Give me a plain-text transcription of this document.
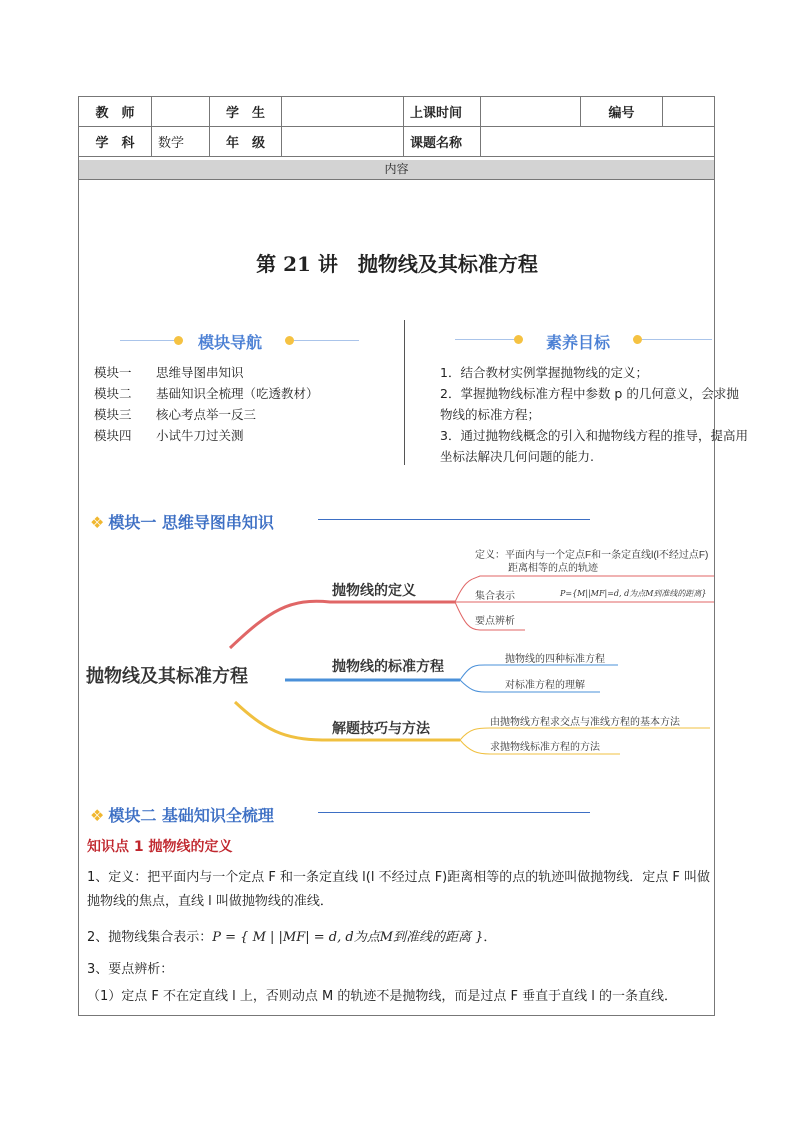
教　师		学　生		上课时间		编号	
学　科	数学	年　级		课题名称			
内容
第 21 讲　抛物线及其标准方程
模块导航	素养目标
模块一 思维导图串知识
模块二 基础知识全梳理（吃透教材）
模块三 核心考点举一反三
模块四 小试牛刀过关测
1．结合教材实例掌握抛物线的定义；
2．掌握抛物线标准方程中参数 p 的几何意义，会求抛物线的标准方程；
3．通过抛物线概念的引入和抛物线方程的推导，提高用坐标法解决几何问题的能力.
❖ 模块一 思维导图串知识
抛物线及其标准方程
抛物线的定义
定义：平面内与一个定点F和一条定直线l(l不经过点F)
距离相等的点的轨迹
集合表示	P={M||MF|=d, d为点M到准线的距离}
要点辨析
抛物线的标准方程	抛物线的四种标准方程
对标准方程的理解
解题技巧与方法	由抛物线方程求交点与准线方程的基本方法
求抛物线标准方程的方法
❖ 模块二 基础知识全梳理
知识点 1 抛物线的定义
1、定义：把平面内与一个定点 F 和一条定直线 l(l 不经过点 F)距离相等的点的轨迹叫做抛物线．定点 F 叫做抛物线的焦点，直线 l 叫做抛物线的准线．
2、抛物线集合表示：P = { M | |MF| = d, d为点M到准线的距离 }．
3、要点辨析：
（1）定点 F 不在定直线 l 上，否则动点 M 的轨迹不是抛物线，而是过点 F 垂直于直线 l 的一条直线．
